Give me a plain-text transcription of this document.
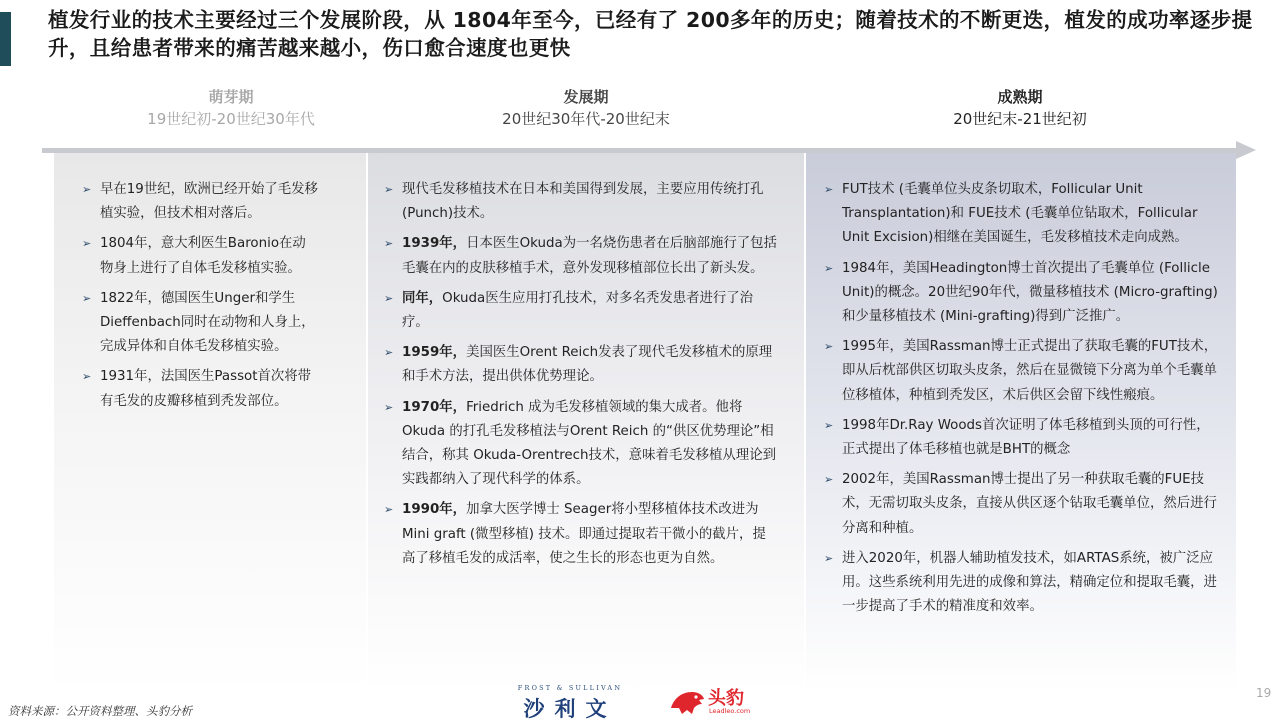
植发行业的技术主要经过三个发展阶段，从 1804年至今，已经有了 200多年的历史；随着技术的不断更迭，植发的成功率逐步提升，且给患者带来的痛苦越来越小，伤口愈合速度也更快
萌芽期
19世纪初-20世纪30年代
发展期
20世纪30年代-20世纪末
成熟期
20世纪末-21世纪初
➢ 早在19世纪，欧洲已经开始了毛发移植实验，但技术相对落后。
➢ 1804年，意大利医生Baronio在动物身上进行了自体毛发移植实验。
➢ 1822年，德国医生Unger和学生 Dieffenbach同时在动物和人身上，完成异体和自体毛发移植实验。
➢ 1931年，法国医生Passot首次将带有毛发的皮瓣移植到秃发部位。
➢ 现代毛发移植技术在日本和美国得到发展，主要应用传统打孔 (Punch)技术。
➢ 1939年，日本医生Okuda为一名烧伤患者在后脑部施行了包括毛囊在内的皮肤移植手术，意外发现移植部位长出了新头发。
➢ 同年，Okuda医生应用打孔技术，对多名秃发患者进行了治疗。
➢ 1959年，美国医生Orent Reich发表了现代毛发移植术的原理和手术方法，提出供体优势理论。
➢ 1970年，Friedrich 成为毛发移植领域的集大成者。他将 Okuda 的打孔毛发移植法与Orent Reich 的“供区优势理论”相结合，称其 Okuda-Orentrech技术，意味着毛发移植从理论到实践都纳入了现代科学的体系。
➢ 1990年，加拿大医学博士 Seager将小型移植体技术改进为 Mini graft (微型移植) 技术。即通过提取若干微小的截片，提高了移植毛发的成活率，使之生长的形态也更为自然。
➢ FUT技术 (毛囊单位头皮条切取术，Follicular Unit Transplantation)和 FUE技术 (毛囊单位钻取术，Follicular Unit Excision)相继在美国诞生，毛发移植技术走向成熟。
➢ 1984年，美国Headington博士首次提出了毛囊单位 (Follicle Unit)的概念。20世纪90年代，微量移植技术 (Micro-grafting)和少量移植技术 (Mini-grafting)得到广泛推广。
➢ 1995年，美国Rassman博士正式提出了获取毛囊的FUT技术，即从后枕部供区切取头皮条，然后在显微镜下分离为单个毛囊单位移植体，种植到秃发区，术后供区会留下线性瘢痕。
➢ 1998年Dr.Ray Woods首次证明了体毛移植到头顶的可行性，正式提出了体毛移植也就是BHT的概念
➢ 2002年，美国Rassman博士提出了另一种获取毛囊的FUE技术，无需切取头皮条，直接从供区逐个钻取毛囊单位，然后进行分离和种植。
➢ 进入2020年，机器人辅助植发技术，如ARTAS系统，被广泛应用。这些系统利用先进的成像和算法，精确定位和提取毛囊，进一步提高了手术的精准度和效率。
资料来源：公开资料整理、头豹分析
FROST & SULLIVAN
沙利文	头豹
Leadleo.com
19
